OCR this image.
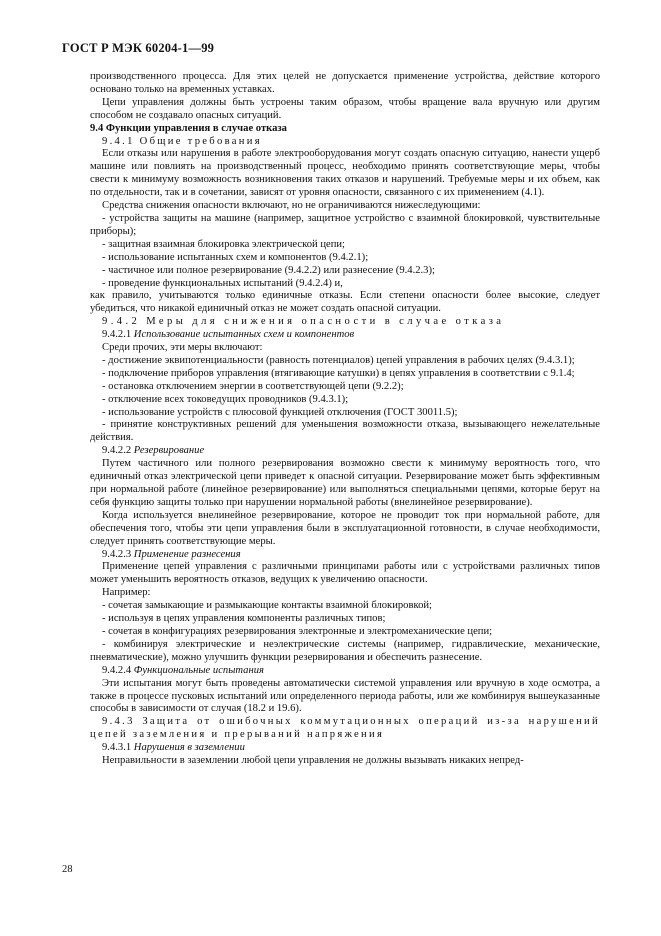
ГОСТ Р МЭК 60204-1—99

производственного процесса. Для этих целей не допускается применение устройства, действие которого основано только на временных уставках.

Цепи управления должны быть устроены таким образом, чтобы вращение вала вручную или другим способом не создавало опасных ситуаций.

9.4 Функции управления в случае отказа

9.4.1 Общие требования

Если отказы или нарушения в работе электрооборудования могут создать опасную ситуацию, нанести ущерб машине или повлиять на производственный процесс, необходимо принять соответствующие меры, чтобы свести к минимуму возможность возникновения таких отказов и нарушений. Требуемые меры и их объем, как по отдельности, так и в сочетании, зависят от уровня опасности, связанного с их применением (4.1).

Средства снижения опасности включают, но не ограничиваются нижеследующими:

- устройства защиты на машине (например, защитное устройство с взаимной блокировкой, чувствительные приборы);

- защитная взаимная блокировка электрической цепи;

- использование испытанных схем и компонентов (9.4.2.1);

- частичное или полное резервирование (9.4.2.2) или разнесение (9.4.2.3);

- проведение функциональных испытаний (9.4.2.4) и,

как правило, учитываются только единичные отказы. Если степени опасности более высокие, следует убедиться, что никакой единичный отказ не может создать опасной ситуации.

9.4.2 Меры для снижения опасности в случае отказа

9.4.2.1 Использование испытанных схем и компонентов

Среди прочих, эти меры включают:

- достижение эквипотенциальности (равность потенциалов) цепей управления в рабочих целях (9.4.3.1);

- подключение приборов управления (втягивающие катушки) в цепях управления в соответствии с 9.1.4;

- остановка отключением энергии в соответствующей цепи (9.2.2);

- отключение всех токоведущих проводников (9.4.3.1);

- использование устройств с плюсовой функцией отключения (ГОСТ 30011.5);

- принятие конструктивных решений для уменьшения возможности отказа, вызывающего нежелательные действия.

9.4.2.2 Резервирование

Путем частичного или полного резервирования возможно свести к минимуму вероятность того, что единичный отказ электрической цепи приведет к опасной ситуации. Резервирование может быть эффективным при нормальной работе (линейное резервирование) или выполняться специальными цепями, которые берут на себя функцию защиты только при нарушении нормальной работы (внелинейное резервирование).

Когда используется внелинейное резервирование, которое не проводит ток при нормальной работе, для обеспечения того, чтобы эти цепи управления были в эксплуатационной готовности, в случае необходимости, следует принять соответствующие меры.

9.4.2.3 Применение разнесения

Применение цепей управления с различными принципами работы или с устройствами различных типов может уменьшить вероятность отказов, ведущих к увеличению опасности.

Например:

- сочетая замыкающие и размыкающие контакты взаимной блокировкой;

- используя в цепях управления компоненты различных типов;

- сочетая в конфигурациях резервирования электронные и электромеханические цепи;

- комбинируя электрические и неэлектрические системы (например, гидравлические, механические, пневматические), можно улучшить функции резервирования и обеспечить разнесение.

9.4.2.4 Функциональные испытания

Эти испытания могут быть проведены автоматически системой управления или вручную в ходе осмотра, а также в процессе пусковых испытаний или определенного периода работы, или же комбинируя вышеуказанные способы в зависимости от случая (18.2 и 19.6).

9.4.3 Защита от ошибочных коммутационных операций из-за нарушений цепей заземления и прерываний напряжения

9.4.3.1 Нарушения в заземлении

Неправильности в заземлении любой цепи управления не должны вызывать никаких непред-

28
